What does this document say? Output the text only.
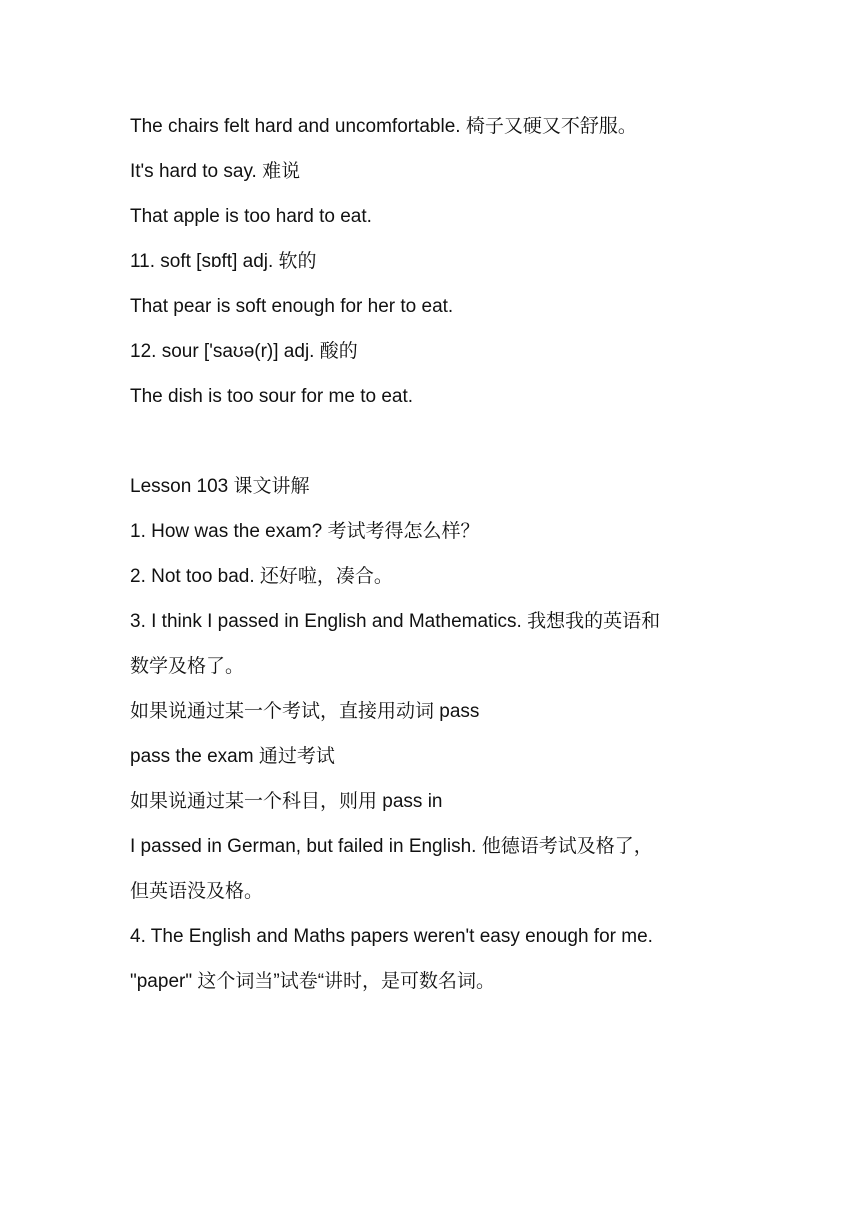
The chairs felt hard and uncomfortable. 椅子又硬又不舒服。
It's hard to say. 难说
That apple is too hard to eat.
11. soft [sɒft] adj. 软的
That pear is soft enough for her to eat.
12. sour ['saʊə(r)] adj. 酸的
The dish is too sour for me to eat.
Lesson 103 课文讲解
1. How was the exam? 考试考得怎么样？
2. Not too bad. 还好啦，凑合。
3. I think I passed in English and Mathematics. 我想我的英语和
数学及格了。
如果说通过某一个考试，直接用动词 pass
pass the exam 通过考试
如果说通过某一个科目，则用 pass in
I passed in German, but failed in English. 他德语考试及格了，
但英语没及格。
4. The English and Maths papers weren't easy enough for me.
"paper" 这个词当”试卷“讲时，是可数名词。
